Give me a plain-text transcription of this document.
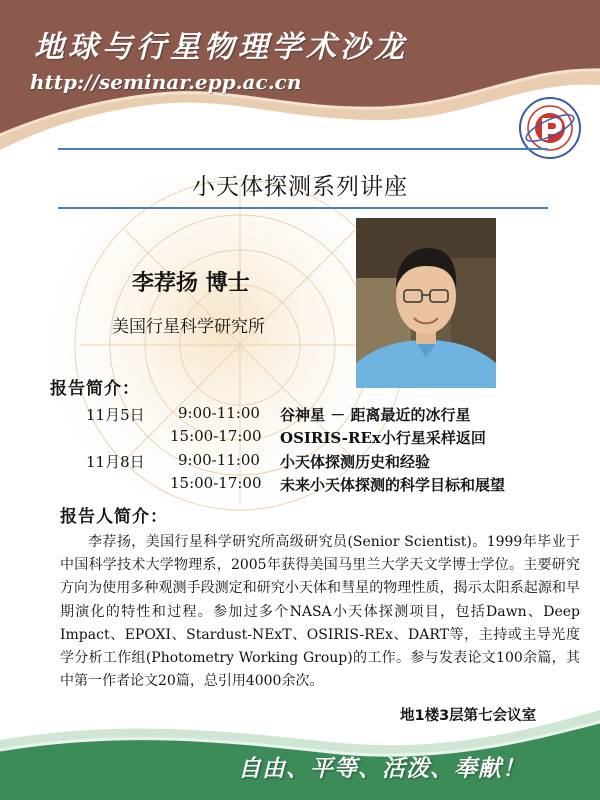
地球与行星物理学术沙龙
http://seminar.epp.ac.cn
小天体探测系列讲座
李荐扬 博士
美国行星科学研究所
报告简介：
11月5日 9:00-11:00 谷神星 － 距离最近的冰行星
15:00-17:00 OSIRIS-REx小行星采样返回
11月8日 9:00-11:00 小天体探测历史和经验
15:00-17:00 未来小天体探测的科学目标和展望
报告人简介：
李荐扬，美国行星科学研究所高级研究员(Senior Scientist)。1999年毕业于中国科学技术大学物理系，2005年获得美国马里兰大学天文学博士学位。主要研究方向为使用多种观测手段测定和研究小天体和彗星的物理性质，揭示太阳系起源和早期演化的特性和过程。参加过多个NASA小天体探测项目，包括Dawn、Deep Impact、EPOXI、Stardust-NExT、OSIRIS-REx、DART等，主持或主导光度学分析工作组(Photometry Working Group)的工作。参与发表论文100余篇，其中第一作者论文20篇，总引用4000余次。
地1楼3层第七会议室
自由、平等、活泼、奉献！
